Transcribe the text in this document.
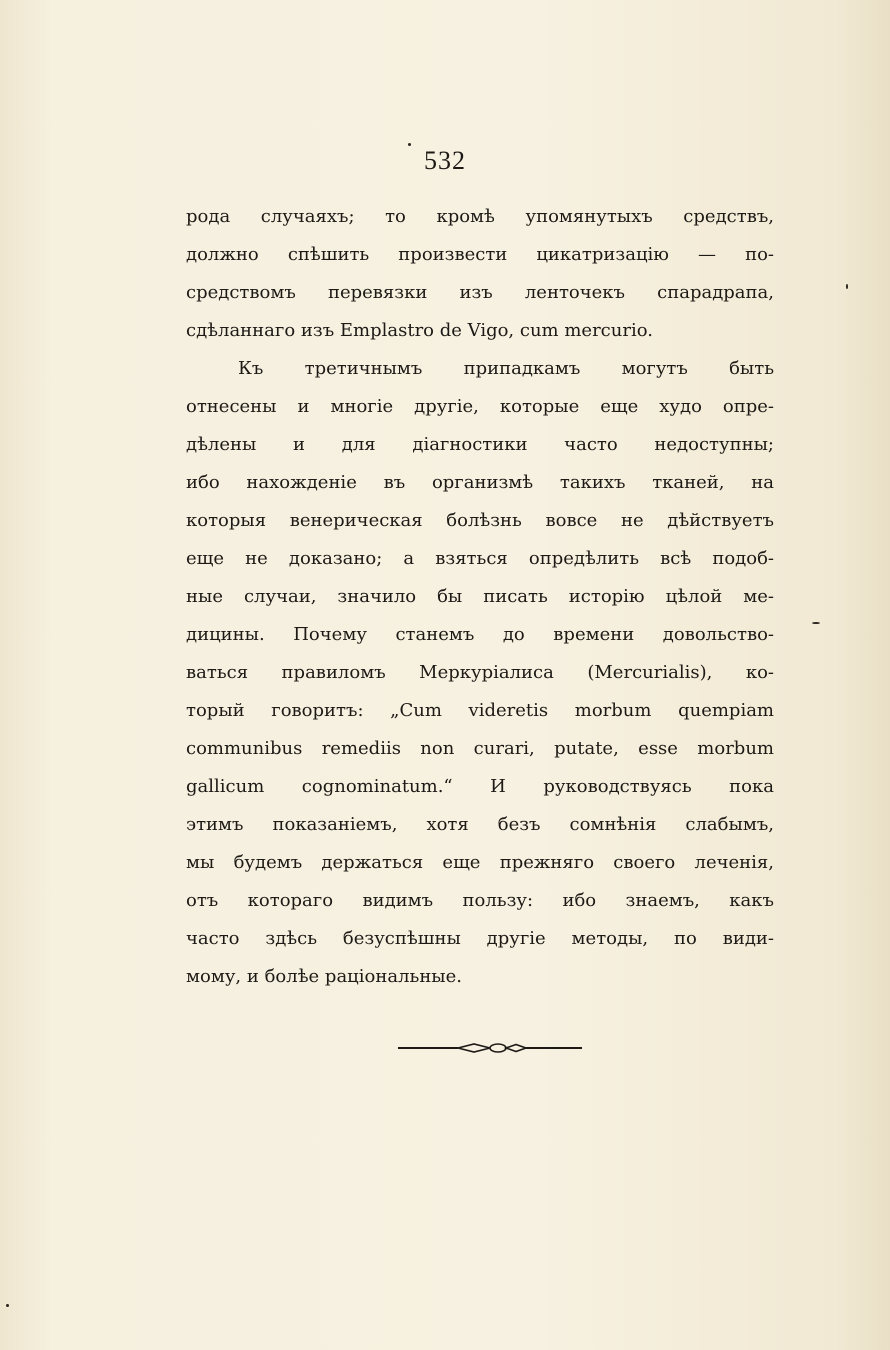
532
рода случаяхъ; то кромѣ упомянутыхъ средствъ,
должно спѣшить произвести цикатризацію — по-
средствомъ перевязки изъ ленточекъ спарадрапа,
сдѣланнаго изъ Emplastro de Vigo, cum mercurio.
Къ третичнымъ припадкамъ могутъ быть
отнесены и многіе другіе, которые еще худо опре-
дѣлены и для діагностики часто недоступны;
ибо нахожденіе въ организмѣ такихъ тканей, на
которыя венерическая болѣзнь вовсе не дѣйствуетъ
еще не доказано; а взяться опредѣлить всѣ подоб-
ные случаи, значило бы писать исторію цѣлой ме-
дицины. Почему станемъ до времени довольство-
ваться правиломъ Меркуріалиса (Mercurialis), ко-
торый говоритъ: „Cum videretis morbum quempiam
communibus remediis non curari, putate, esse morbum
gallicum cognominatum.“ И руководствуясь пока
этимъ показаніемъ, хотя безъ сомнѣнія слабымъ,
мы будемъ держаться еще прежняго своего леченія,
отъ котораго видимъ пользу: ибо знаемъ, какъ
часто здѣсь безуспѣшны другіе методы, по види-
мому, и болѣе раціональные.
